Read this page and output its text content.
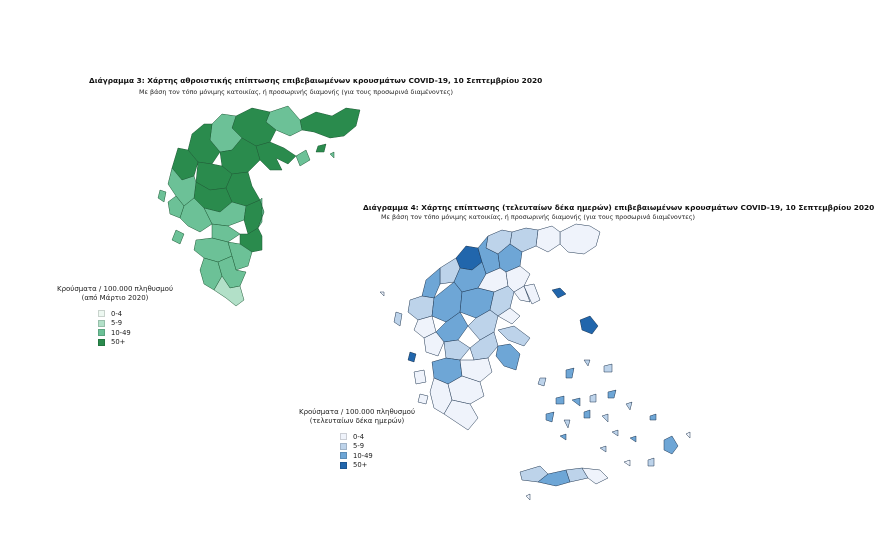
Διάγραμμα 3: Χάρτης αθροιστικής επίπτωσης επιβεβαιωμένων κρουσμάτων COVID-19, 10 Σεπτεμβρίου 2020
Με βάση τον τόπο μόνιμης κατοικίας, ή προσωρινής διαμονής (για τους προσωρινά διαμένοντες)
Διάγραμμα 4: Χάρτης επίπτωσης (τελευταίων δέκα ημερών) επιβεβαιωμένων κρουσμάτων COVID-19, 10 Σεπτεμβρίου 2020
Με βάση τον τόπο μόνιμης κατοικίας, ή προσωρινής διαμονής (για τους προσωρινά διαμένοντες)
Κρούσματα / 100.000 πληθυσμού
(από Μάρτιο 2020)
0-4
5-9
10-49
50+
Κρούσματα / 100.000 πληθυσμού
(τελευταίων δέκα ημερών)
0-4
5-9
10-49
50+
